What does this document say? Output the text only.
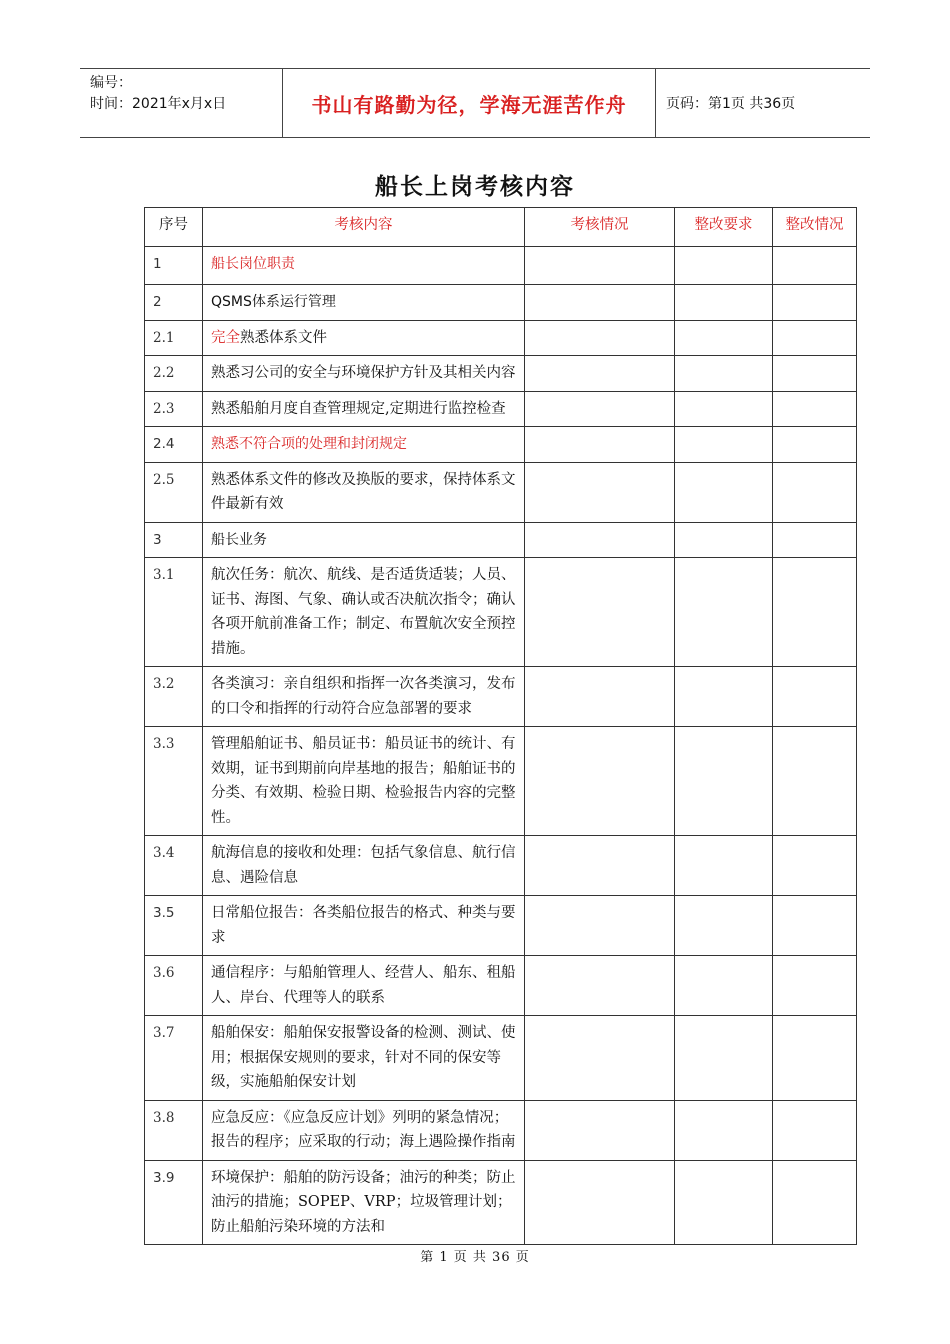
编号：
时间：2021年x月x日	书山有路勤为径，学海无涯苦作舟	页码：第1页 共36页
船长上岗考核内容
序号	考核内容	考核情况	整改要求	整改情况
1	船长岗位职责			
2	QSMS体系运行管理			
2.1	完全熟悉体系文件			
2.2	熟悉习公司的安全与环境保护方针及其相关内容			
2.3	熟悉船舶月度自查管理规定,定期进行监控检查			
2.4	熟悉不符合项的处理和封闭规定			
2.5	熟悉体系文件的修改及换版的要求，保持体系文件最新有效			
3	船长业务			
3.1	航次任务：航次、航线、是否适货适装；人员、证书、海图、气象、确认或否决航次指令；确认各项开航前准备工作；制定、布置航次安全预控措施。			
3.2	各类演习：亲自组织和指挥一次各类演习，发布的口令和指挥的行动符合应急部署的要求			
3.3	管理船舶证书、船员证书：船员证书的统计、有效期，证书到期前向岸基地的报告；船舶证书的分类、有效期、检验日期、检验报告内容的完整性。			
3.4	航海信息的接收和处理：包括气象信息、航行信息、遇险信息			
3.5	日常船位报告：各类船位报告的格式、种类与要求			
3.6	通信程序：与船舶管理人、经营人、船东、租船人、岸台、代理等人的联系			
3.7	船舶保安：船舶保安报警设备的检测、测试、使用；根据保安规则的要求，针对不同的保安等级，实施船舶保安计划			
3.8	应急反应：《应急反应计划》列明的紧急情况；报告的程序；应采取的行动；海上遇险操作指南			
3.9	环境保护：船舶的防污设备；油污的种类；防止油污的措施；SOPEP、VRP；垃圾管理计划；防止船舶污染环境的方法和			
第 1 页 共 36 页
